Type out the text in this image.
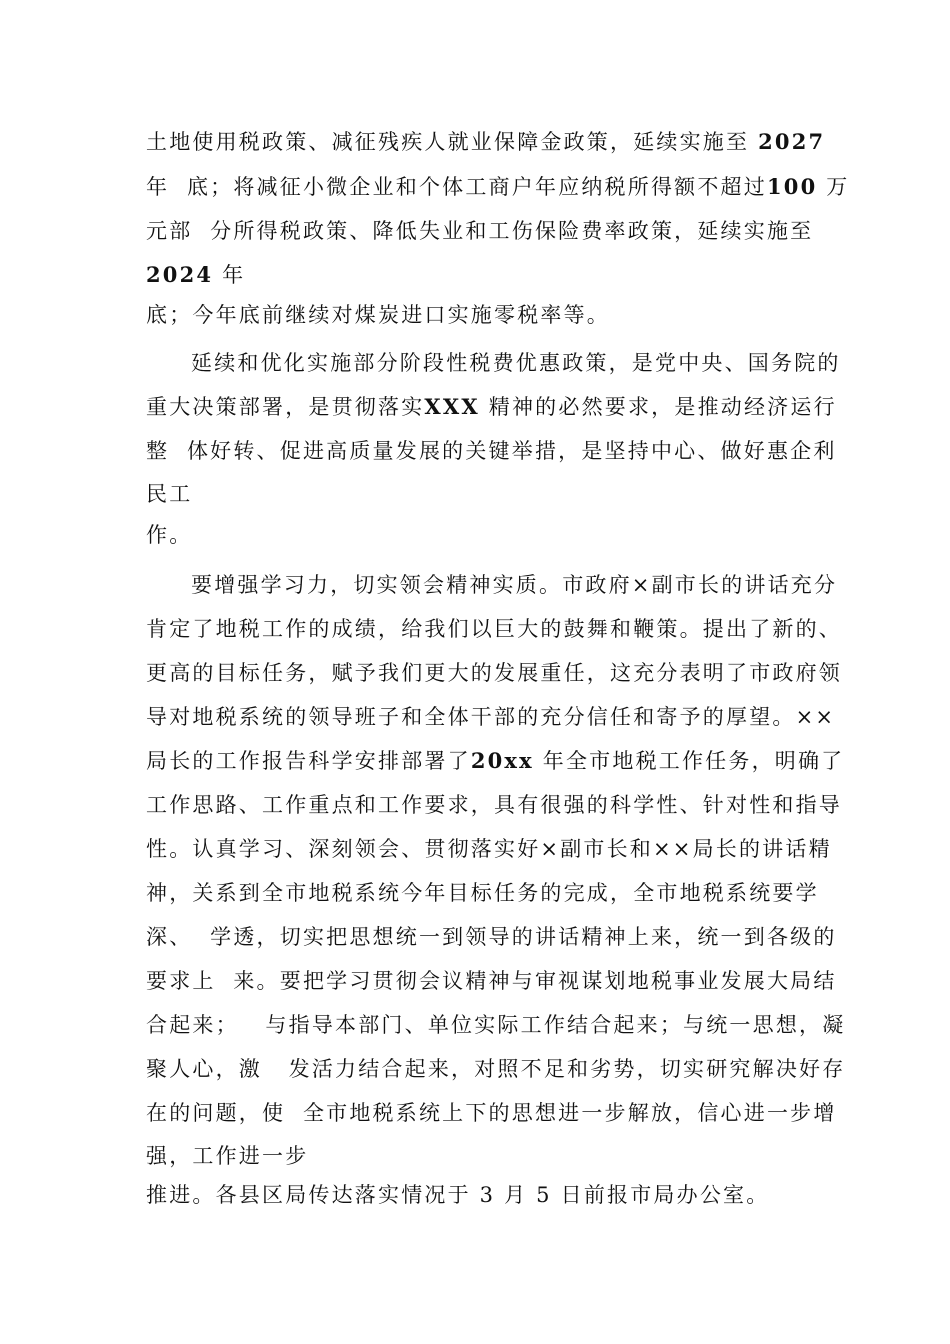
土地使用税政策、减征残疾人就业保障金政策，延续实施至 2027
年  底；将减征小微企业和个体工商户年应纳税所得额不超过100 万
元部  分所得税政策、降低失业和工伤保险费率政策，延续实施至
2024 年
底；今年底前继续对煤炭进口实施零税率等。
延续和优化实施部分阶段性税费优惠政策，是党中央、国务院的
重大决策部署，是贯彻落实XXX 精神的必然要求，是推动经济运行
整  体好转、促进高质量发展的关键举措，是坚持中心、做好惠企利
民工
作。
要增强学习力，切实领会精神实质。市政府×副市长的讲话充分
肯定了地税工作的成绩，给我们以巨大的鼓舞和鞭策。提出了新的、
更高的目标任务，赋予我们更大的发展重任，这充分表明了市政府领
导对地税系统的领导班子和全体干部的充分信任和寄予的厚望。××
局长的工作报告科学安排部署了20xx 年全市地税工作任务，明确了
工作思路、工作重点和工作要求，具有很强的科学性、针对性和指导
性。认真学习、深刻领会、贯彻落实好×副市长和××局长的讲话精
神，关系到全市地税系统今年目标任务的完成，全市地税系统要学
深、  学透，切实把思想统一到领导的讲话精神上来，统一到各级的
要求上  来。要把学习贯彻会议精神与审视谋划地税事业发展大局结
合起来；   与指导本部门、单位实际工作结合起来；与统一思想，凝
聚人心，激   发活力结合起来，对照不足和劣势，切实研究解决好存
在的问题，使  全市地税系统上下的思想进一步解放，信心进一步增
强，工作进一步
推进。各县区局传达落实情况于 3 月 5 日前报市局办公室。
